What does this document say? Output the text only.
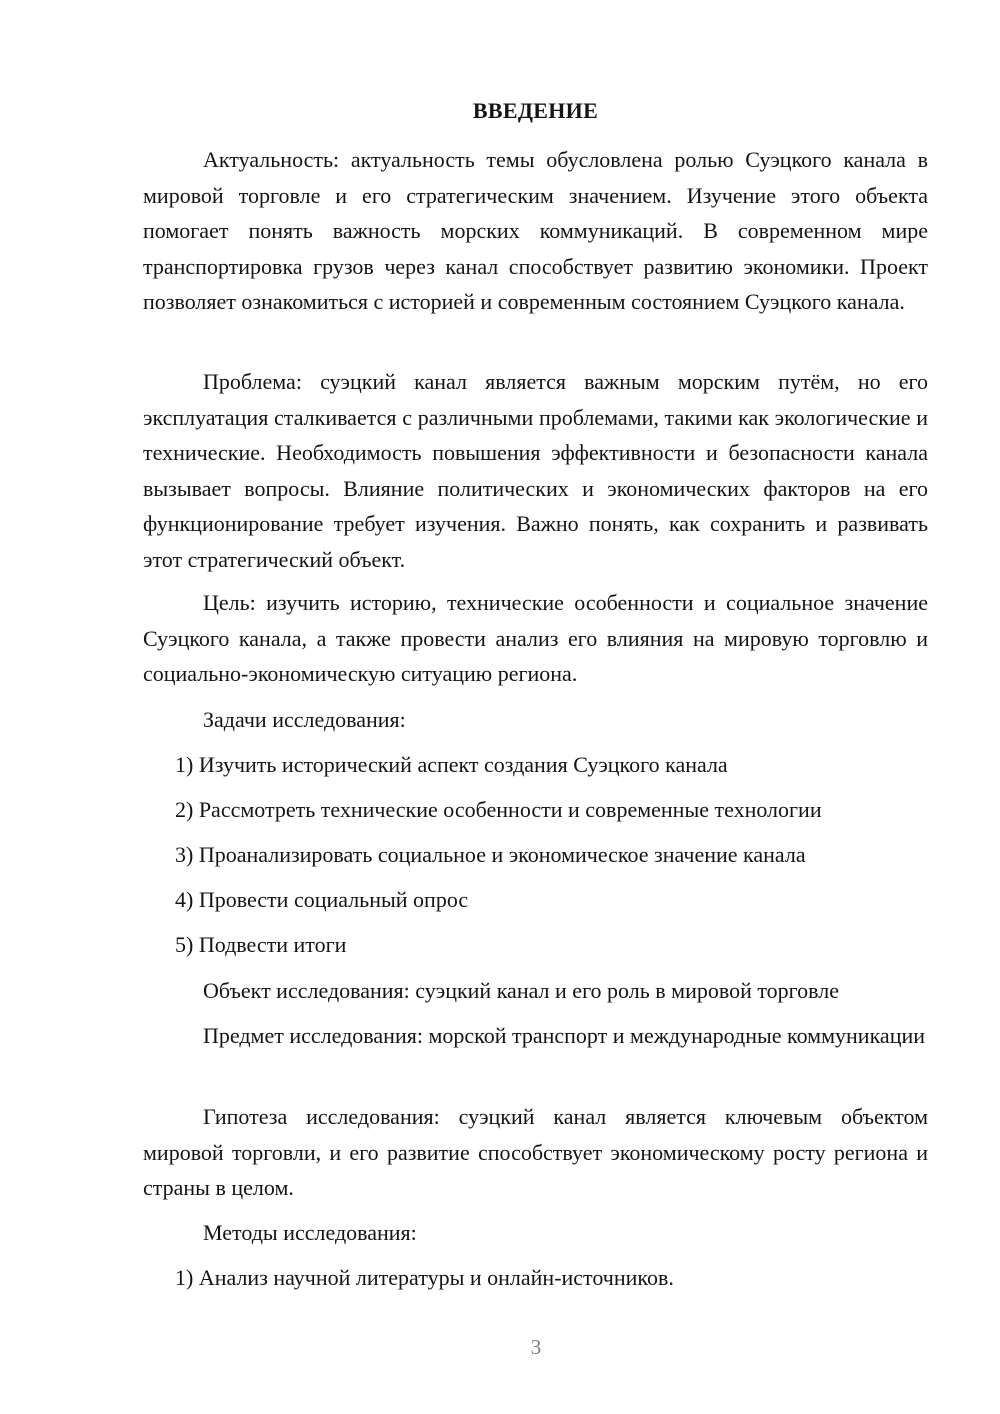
ВВЕДЕНИЕ

Актуальность: актуальность темы обусловлена ролью Суэцкого канала в мировой торговле и его стратегическим значением. Изучение этого объекта помогает понять важность морских коммуникаций. В современном мире транспортировка грузов через канал способствует развитию экономики. Проект позволяет ознакомиться с историей и современным состоянием Суэцкого канала.

Проблема: суэцкий канал является важным морским путём, но его эксплуатация сталкивается с различными проблемами, такими как экологические и технические. Необходимость повышения эффективности и безопасности канала вызывает вопросы. Влияние политических и экономических факторов на его функционирование требует изучения. Важно понять, как сохранить и развивать этот стратегический объект.

Цель: изучить историю, технические особенности и социальное значение Суэцкого канала, а также провести анализ его влияния на мировую торговлю и социально-экономическую ситуацию региона.

Задачи исследования:

1) Изучить исторический аспект создания Суэцкого канала

2) Рассмотреть технические особенности и современные технологии

3) Проанализировать социальное и экономическое значение канала

4) Провести социальный опрос

5) Подвести итоги

Объект исследования: суэцкий канал и его роль в мировой торговле

Предмет исследования: морской транспорт и международные коммуникации

Гипотеза исследования: суэцкий канал является ключевым объектом мировой торговли, и его развитие способствует экономическому росту региона и страны в целом.

Методы исследования:

1) Анализ научной литературы и онлайн-источников.

3
